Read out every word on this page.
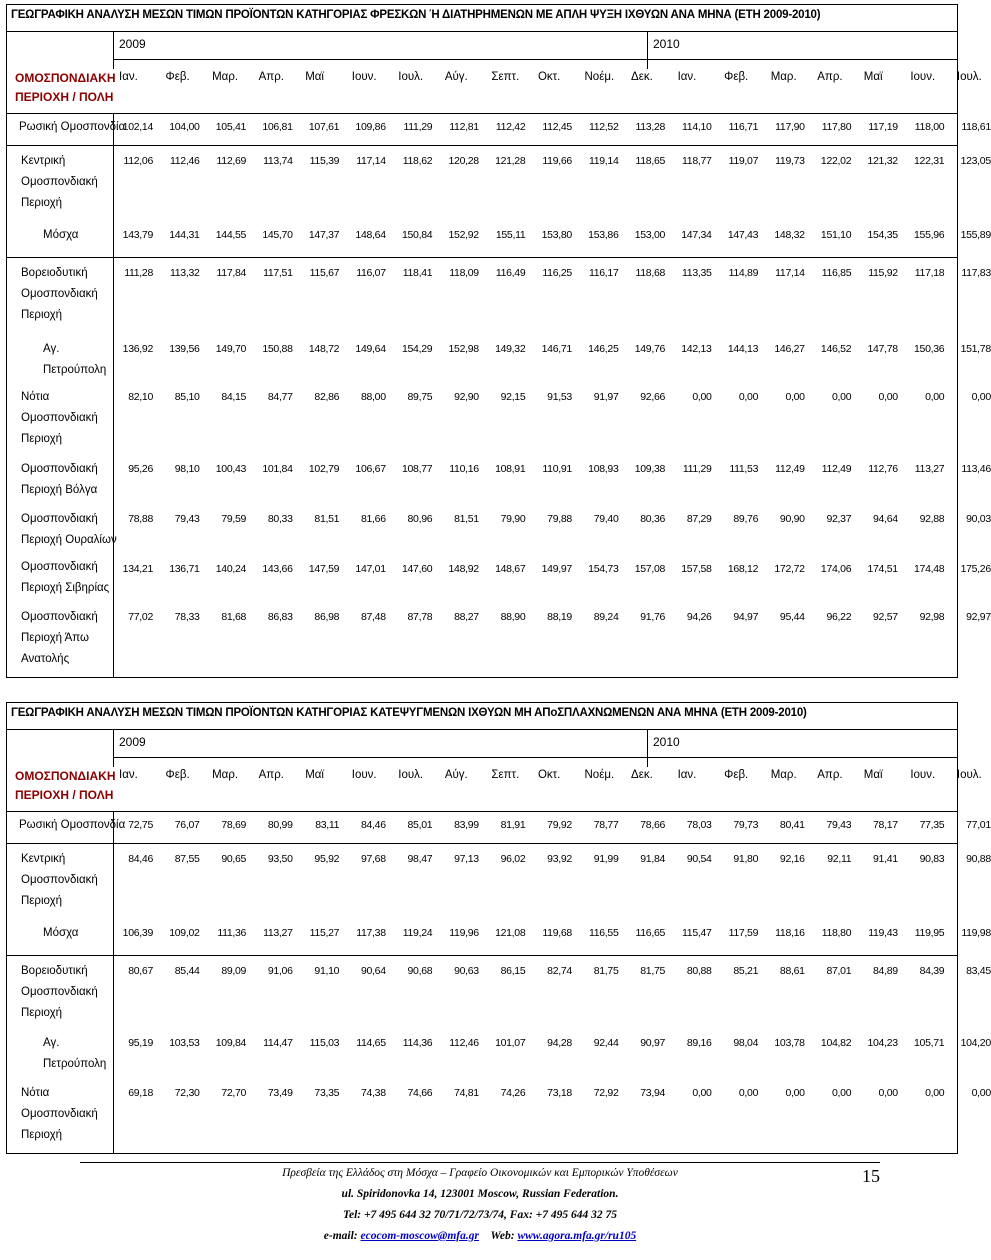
ΓΕΩΓΡΑΦΙΚΗ ΑΝΑΛΥΣΗ ΜΕΣΩΝ ΤΙΜΩΝ ΠΡΟΪΟΝΤΩΝ ΚΑΤΗΓΟΡΙΑΣ ΦΡΕΣΚΩΝ Ή ΔΙΑΤΗΡΗΜΕΝΩΝ ΜΕ ΑΠΛΗ ΨΥΞΗ ΙΧΘΥΩΝ ΑΝΑ ΜΗΝΑ (ΕΤΗ 2009-2010)
2009	2010
ΟΜΟΣΠΟΝΔΙΑΚΗ
ΠΕΡΙΟΧΗ / ΠΟΛΗ
Ιαν. Φεβ. Μαρ. Απρ. Μαϊ Ιουν. Ιουλ. Αύγ. Σεπτ. Οκτ. Νοέμ. Δεκ. Ιαν. Φεβ. Μαρ. Απρ. Μαϊ Ιουν. Ιουλ.
Ρωσική Ομοσπονδία
102,14	104,00	105,41	106,81	107,61	109,86	111,29	112,81	112,42	112,45	112,52	113,28	114,10	116,71	117,90	117,80	117,19	118,00	118,61
Κεντρική
Ομοσπονδιακή
Περιοχή
112,06	112,46	112,69	113,74	115,39	117,14	118,62	120,28	121,28	119,66	119,14	118,65	118,77	119,07	119,73	122,02	121,32	122,31	123,05
Μόσχα	143,79	144,31	144,55	145,70	147,37	148,64	150,84	152,92	155,11	153,80	153,86	153,00	147,34	147,43	148,32	151,10	154,35	155,96	155,89
Βορειοδυτική
Ομοσπονδιακή
Περιοχή
111,28	113,32	117,84	117,51	115,67	116,07	118,41	118,09	116,49	116,25	116,17	118,68	113,35	114,89	117,14	116,85	115,92	117,18	117,83
Αγ.
Πετρούπολη
136,92	139,56	149,70	150,88	148,72	149,64	154,29	152,98	149,32	146,71	146,25	149,76	142,13	144,13	146,27	146,52	147,78	150,36	151,78
Νότια
Ομοσπονδιακή
Περιοχή
82,10	85,10	84,15	84,77	82,86	88,00	89,75	92,90	92,15	91,53	91,97	92,66	0,00	0,00	0,00	0,00	0,00	0,00	0,00
Ομοσπονδιακή
Περιοχή Βόλγα
95,26	98,10	100,43	101,84	102,79	106,67	108,77	110,16	108,91	110,91	108,93	109,38	111,29	111,53	112,49	112,49	112,76	113,27	113,46
Ομοσπονδιακή
Περιοχή Ουραλίων
78,88	79,43	79,59	80,33	81,51	81,66	80,96	81,51	79,90	79,88	79,40	80,36	87,29	89,76	90,90	92,37	94,64	92,88	90,03
Ομοσπονδιακή
Περιοχή Σιβηρίας
134,21	136,71	140,24	143,66	147,59	147,01	147,60	148,92	148,67	149,97	154,73	157,08	157,58	168,12	172,72	174,06	174,51	174,48	175,26
Ομοσπονδιακή
Περιοχή Άπω
Ανατολής
77,02	78,33	81,68	86,83	86,98	87,48	87,78	88,27	88,90	88,19	89,24	91,76	94,26	94,97	95,44	96,22	92,57	92,98	92,97
ΓΕΩΓΡΑΦΙΚΗ ΑΝΑΛΥΣΗ ΜΕΣΩΝ ΤΙΜΩΝ ΠΡΟΪΟΝΤΩΝ ΚΑΤΗΓΟΡΙΑΣ ΚΑΤΕΨΥΓΜΕΝΩΝ ΙΧΘΥΩΝ ΜΗ ΑΠοΣΠΛΑΧΝΩΜΕΝΩΝ ΑΝΑ ΜΗΝΑ (ΕΤΗ 2009-2010)
2009	2010
ΟΜΟΣΠΟΝΔΙΑΚΗ
ΠΕΡΙΟΧΗ / ΠΟΛΗ
Ιαν. Φεβ. Μαρ. Απρ. Μαϊ Ιουν. Ιουλ. Αύγ. Σεπτ. Οκτ. Νοέμ. Δεκ. Ιαν. Φεβ. Μαρ. Απρ. Μαϊ Ιουν. Ιουλ.
Ρωσική Ομοσπονδία 72,75	76,07	78,69	80,99	83,11	84,46	85,01	83,99	81,91	79,92	78,77	78,66	78,03	79,73	80,41	79,43	78,17	77,35	77,01
Κεντρική
Ομοσπονδιακή
Περιοχή
84,46	87,55	90,65	93,50	95,92	97,68	98,47	97,13	96,02	93,92	91,99	91,84	90,54	91,80	92,16	92,11	91,41	90,83	90,88
Μόσχα	106,39	109,02	111,36	113,27	115,27	117,38	119,24	119,96	121,08	119,68	116,55	116,65	115,47	117,59	118,16	118,80	119,43	119,95	119,98
Βορειοδυτική
Ομοσπονδιακή
Περιοχή
80,67	85,44	89,09	91,06	91,10	90,64	90,68	90,63	86,15	82,74	81,75	81,75	80,88	85,21	88,61	87,01	84,89	84,39	83,45
Αγ.
Πετρούπολη
95,19	103,53	109,84	114,47	115,03	114,65	114,36	112,46	101,07	94,28	92,44	90,97	89,16	98,04	103,78	104,82	104,23	105,71	104,20
Νότια
Ομοσπονδιακή
Περιοχή
69,18	72,30	72,70	73,49	73,35	74,38	74,66	74,81	74,26	73,18	72,92	73,94	0,00	0,00	0,00	0,00	0,00	0,00	0,00
15
Πρεσβεία της Ελλάδος στη Μόσχα – Γραφείο Οικονομικών και Εμπορικών Υποθέσεων
ul. Spiridonovka 14, 123001 Moscow, Russian Federation.
Tel: +7 495 644 32 70/71/72/73/74, Fax: +7 495 644 32 75
e-mail: ecocom-moscow@mfa.gr Web: www.agora.mfa.gr/ru105
